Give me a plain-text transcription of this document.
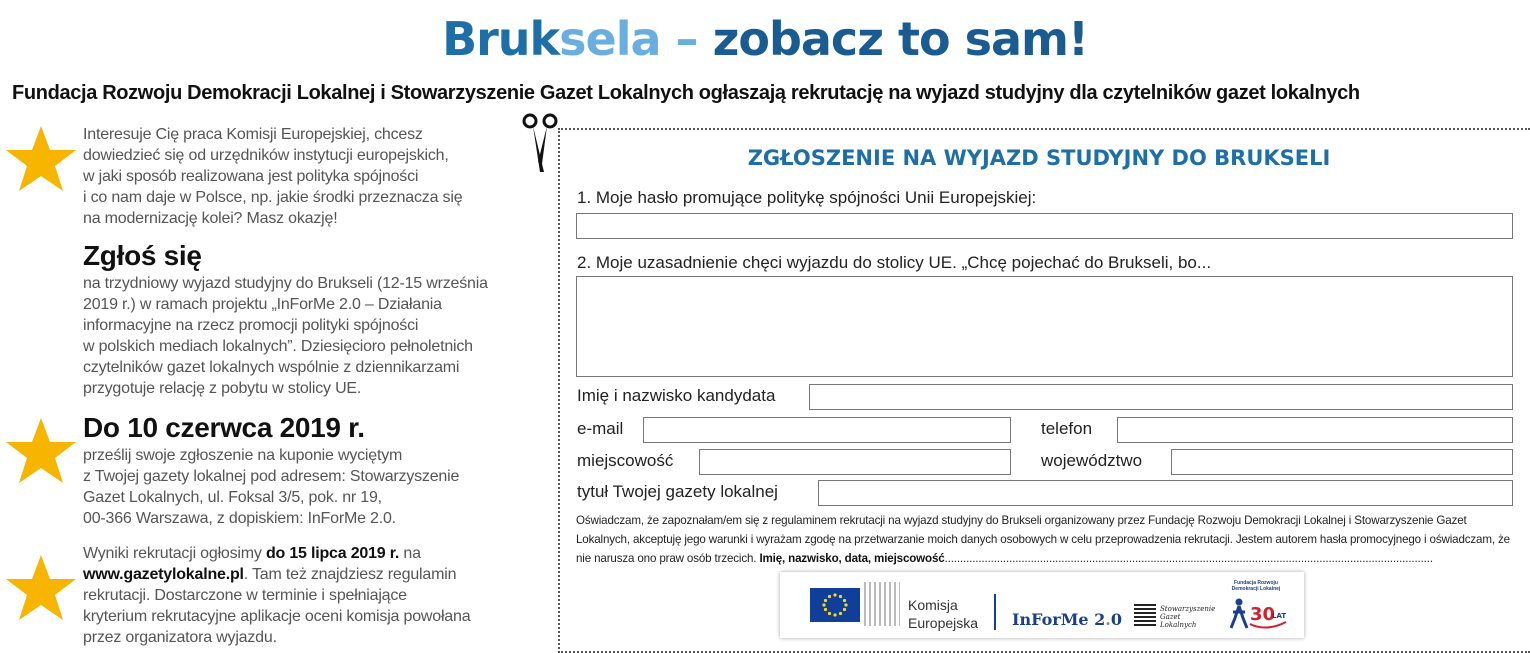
Bruksela – zobacz to sam!
Fundacja Rozwoju Demokracji Lokalnej i Stowarzyszenie Gazet Lokalnych ogłaszają rekrutację na wyjazd studyjny dla czytelników gazet lokalnych
Interesuje Cię praca Komisji Europejskiej, chcesz
dowiedzieć się od urzędników instytucji europejskich,
w jaki sposób realizowana jest polityka spójności
i co nam daje w Polsce, np. jakie środki przeznacza się
na modernizację kolei? Masz okazję!
Zgłoś się
na trzydniowy wyjazd studyjny do Brukseli (12-15 września
2019 r.) w ramach projektu „InForMe 2.0 – Działania
informacyjne na rzecz promocji polityki spójności
w polskich mediach lokalnych”. Dziesięcioro pełnoletnich
czytelników gazet lokalnych wspólnie z dziennikarzami
przygotuje relację z pobytu w stolicy UE.
Do 10 czerwca 2019 r.
prześlij swoje zgłoszenie na kuponie wyciętym
z Twojej gazety lokalnej pod adresem: Stowarzyszenie
Gazet Lokalnych, ul. Foksal 3/5, pok. nr 19,
00-366 Warszawa, z dopiskiem: InForMe 2.0.
Wyniki rekrutacji ogłosimy do 15 lipca 2019 r. na
www.gazetylokalne.pl. Tam też znajdziesz regulamin
rekrutacji. Dostarczone w terminie i spełniające
kryterium rekrutacyjne aplikacje oceni komisja powołana
przez organizatora wyjazdu.
ZGŁOSZENIE NA WYJAZD STUDYJNY DO BRUKSELI
1. Moje hasło promujące politykę spójności Unii Europejskiej:
2. Moje uzasadnienie chęci wyjazdu do stolicy UE. „Chcę pojechać do Brukseli, bo...
Imię i nazwisko kandydata
e-mail	telefon
miejscowość	województwo
tytuł Twojej gazety lokalnej
Oświadczam, że zapoznałam/em się z regulaminem rekrutacji na wyjazd studyjny do Brukseli organizowany przez Fundację Rozwoju Demokracji Lokalnej i Stowarzyszenie Gazet Lokalnych, akceptuję jego warunki i wyrażam zgodę na przetwarzanie moich danych osobowych w celu przeprowadzenia rekrutacji. Jestem autorem hasła promocyjnego i oświadczam, że nie narusza ono praw osób trzecich. Imię, nazwisko, data, miejscowość...............................................................................................................................................................
Komisja
Europejska InForMe 2.0
Stowarzyszenie
Gazet
Lokalnych
Fundacja Rozwoju
Demokracji Lokalnej
30
LAT
